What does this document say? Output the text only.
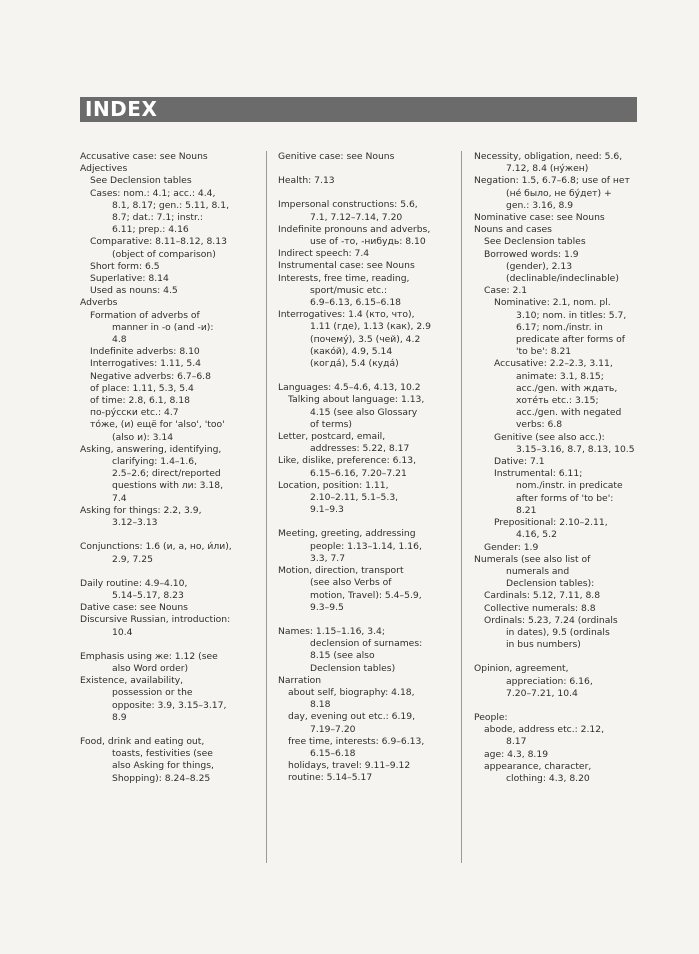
INDEX
Accusative case: see Nouns
Adjectives
See Declension tables
Cases: nom.: 4.1; acc.: 4.4,
8.1, 8.17; gen.: 5.11, 8.1,
8.7; dat.: 7.1; instr.:
6.11; prep.: 4.16
Comparative: 8.11–8.12, 8.13
(object of comparison)
Short form: 6.5
Superlative: 8.14
Used as nouns: 4.5
Adverbs
Formation of adverbs of
manner in -о (and -и):
4.8
Indefinite adverbs: 8.10
Interrogatives: 1.11, 5.4
Negative adverbs: 6.7–6.8
of place: 1.11, 5.3, 5.4
of time: 2.8, 6.1, 8.18
по-ру́сски etc.: 4.7
то́же, (и) ещё for 'also', 'too'
(also и): 3.14
Asking, answering, identifying,
clarifying: 1.4–1.6,
2.5–2.6; direct/reported
questions with ли: 3.18,
7.4
Asking for things: 2.2, 3.9,
3.12–3.13
Conjunctions: 1.6 (и, а, но, и́ли),
2.9, 7.25
Daily routine: 4.9–4.10,
5.14–5.17, 8.23
Dative case: see Nouns
Discursive Russian, introduction:
10.4
Emphasis using же: 1.12 (see
also Word order)
Existence, availability,
possession or the
opposite: 3.9, 3.15–3.17,
8.9
Food, drink and eating out,
toasts, festivities (see
also Asking for things,
Shopping): 8.24–8.25
Genitive case: see Nouns
Health: 7.13
Impersonal constructions: 5.6,
7.1, 7.12–7.14, 7.20
Indefinite pronouns and adverbs,
use of -то, -нибудь: 8.10
Indirect speech: 7.4
Instrumental case: see Nouns
Interests, free time, reading,
sport/music etc.:
6.9–6.13, 6.15–6.18
Interrogatives: 1.4 (кто, что),
1.11 (где), 1.13 (как), 2.9
(почему́), 3.5 (чей), 4.2
(како́й), 4.9, 5.14
(когда́), 5.4 (куда́)
Languages: 4.5–4.6, 4.13, 10.2
Talking about language: 1.13,
4.15 (see also Glossary
of terms)
Letter, postcard, email,
addresses: 5.22, 8.17
Like, dislike, preference: 6.13,
6.15–6.16, 7.20–7.21
Location, position: 1.11,
2.10–2.11, 5.1–5.3,
9.1–9.3
Meeting, greeting, addressing
people: 1.13–1.14, 1.16,
3.3, 7.7
Motion, direction, transport
(see also Verbs of
motion, Travel): 5.4–5.9,
9.3–9.5
Names: 1.15–1.16, 3.4;
declension of surnames:
8.15 (see also
Declension tables)
Narration
about self, biography: 4.18,
8.18
day, evening out etc.: 6.19,
7.19–7.20
free time, interests: 6.9–6.13,
6.15–6.18
holidays, travel: 9.11–9.12
routine: 5.14–5.17
Necessity, obligation, need: 5.6,
7.12, 8.4 (ну́жен)
Negation: 1.5, 6.7–6.8; use of нет
(не́ было, не бу́дет) +
gen.: 3.16, 8.9
Nominative case: see Nouns
Nouns and cases
See Declension tables
Borrowed words: 1.9
(gender), 2.13
(declinable/indeclinable)
Case: 2.1
Nominative: 2.1, nom. pl.
3.10; nom. in titles: 5.7,
6.17; nom./instr. in
predicate after forms of
'to be': 8.21
Accusative: 2.2–2.3, 3.11,
animate: 3.1, 8.15;
acc./gen. with ждать,
хоте́ть etc.: 3.15;
acc./gen. with negated
verbs: 6.8
Genitive (see also acc.):
3.15–3.16, 8.7, 8.13, 10.5
Dative: 7.1
Instrumental: 6.11;
nom./instr. in predicate
after forms of 'to be':
8.21
Prepositional: 2.10–2.11,
4.16, 5.2
Gender: 1.9
Numerals (see also list of
numerals and
Declension tables):
Cardinals: 5.12, 7.11, 8.8
Collective numerals: 8.8
Ordinals: 5.23, 7.24 (ordinals
in dates), 9.5 (ordinals
in bus numbers)
Opinion, agreement,
appreciation: 6.16,
7.20–7.21, 10.4
People:
abode, address etc.: 2.12,
8.17
age: 4.3, 8.19
appearance, character,
clothing: 4.3, 8.20
